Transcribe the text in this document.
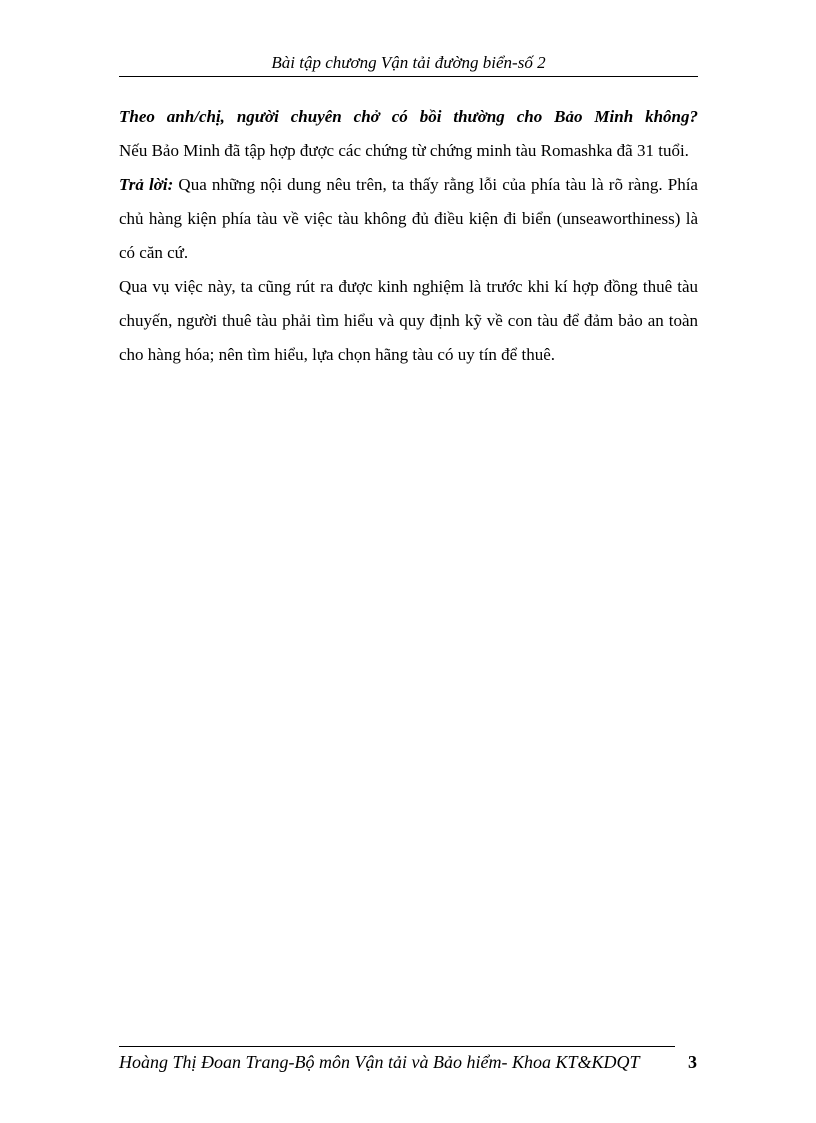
Bài tập chương Vận tải đường biển-số 2

Theo anh/chị, người chuyên chở có bồi thường cho Bảo Minh không?

Nếu Bảo Minh đã tập hợp được các chứng từ chứng minh tàu Romashka đã 31 tuổi.

Trả lời: Qua những nội dung nêu trên, ta thấy rằng lỗi của phía tàu là rõ ràng. Phía chủ hàng kiện phía tàu về việc tàu không đủ điều kiện đi biển (unseaworthiness) là có căn cứ.

Qua vụ việc này, ta cũng rút ra được kinh nghiệm là trước khi kí hợp đồng thuê tàu chuyến, người thuê tàu phải tìm hiểu và quy định kỹ về con tàu để đảm bảo an toàn cho hàng hóa; nên tìm hiểu, lựa chọn hãng tàu có uy tín để thuê.

Hoàng Thị Đoan Trang-Bộ môn Vận tải và Bảo hiểm- Khoa KT&KDQT	3
